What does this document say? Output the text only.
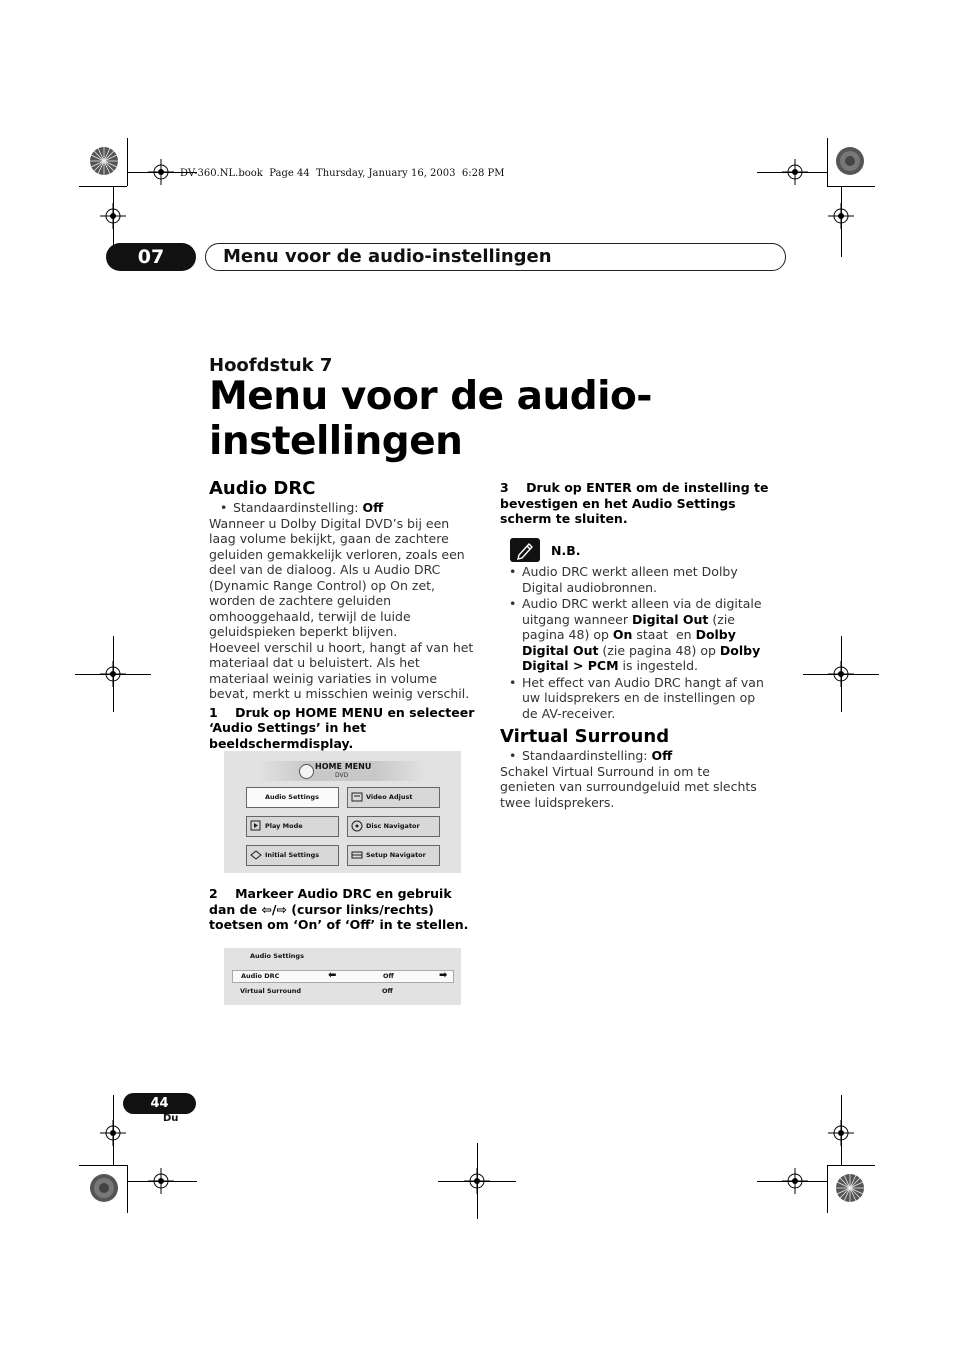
DV-360.NL.book  Page 44  Thursday, January 16, 2003  6:28 PM
07	Menu voor de audio-instellingen
Hoofdstuk 7
Menu voor de audio-
instellingen
Audio DRC
• Standaardinstelling: Off
Wanneer u Dolby Digital DVD’s bij een laag volume bekijkt, gaan de zachtere geluiden gemakkelijk verloren, zoals een deel van de dialoog. Als u Audio DRC (Dynamic Range Control) op On zet, worden de zachtere geluiden omhooggehaald, terwijl de luide geluidspieken beperkt blijven.
Hoeveel verschil u hoort, hangt af van het materiaal dat u beluistert. Als het materiaal weinig variaties in volume bevat, merkt u misschien weinig verschil.
1    Druk op HOME MENU en selecteer ‘Audio Settings’ in het beeldschermdisplay.
HOME MENU
DVD
Audio Settings	Video Adjust
Play Mode	Disc Navigator
Initial Settings	Setup Navigator
2    Markeer Audio DRC en gebruik dan de ⇦/⇨ (cursor links/rechts) toetsen om ‘On’ of ‘Off’ in te stellen.
Audio Settings
Audio DRC	⬅	Off	➡
Virtual Surround	Off
3    Druk op ENTER om de instelling te bevestigen en het Audio Settings scherm te sluiten.
N.B.
• Audio DRC werkt alleen met Dolby Digital audiobronnen.
• Audio DRC werkt alleen via de digitale uitgang wanneer Digital Out (zie pagina 48) op On staat  en Dolby Digital Out (zie pagina 48) op Dolby Digital > PCM is ingesteld.
• Het effect van Audio DRC hangt af van uw luidsprekers en de instellingen op de AV-receiver.
Virtual Surround
• Standaardinstelling: Off
Schakel Virtual Surround in om te genieten van surroundgeluid met slechts twee luidsprekers.
44
Du
